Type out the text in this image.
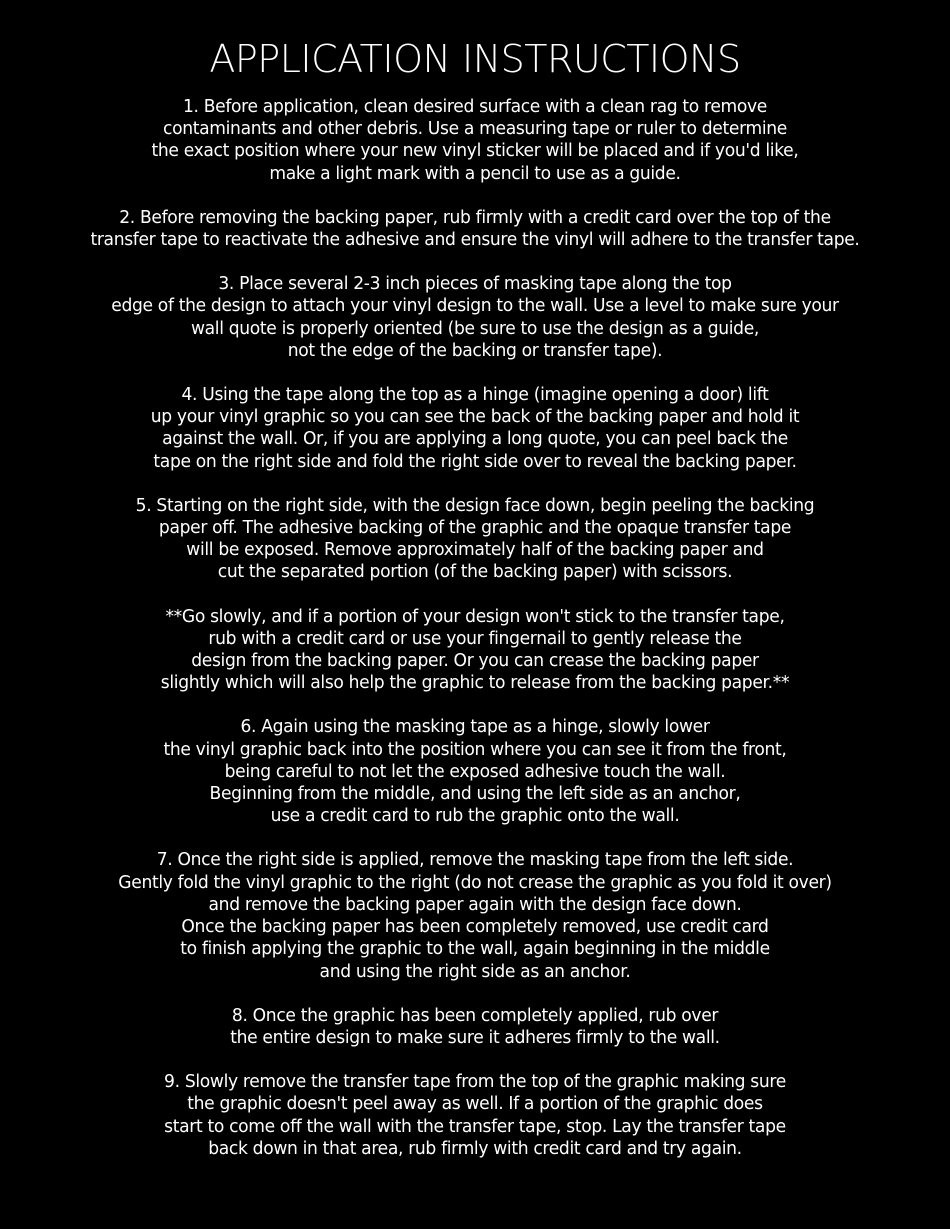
APPLICATION INSTRUCTIONS

1. Before application, clean desired surface with a clean rag to remove
contaminants and other debris. Use a measuring tape or ruler to determine
the exact position where your new vinyl sticker will be placed and if you'd like,
make a light mark with a pencil to use as a guide.

2. Before removing the backing paper, rub firmly with a credit card over the top of the
transfer tape to reactivate the adhesive and ensure the vinyl will adhere to the transfer tape.

3. Place several 2-3 inch pieces of masking tape along the top
edge of the design to attach your vinyl design to the wall. Use a level to make sure your
wall quote is properly oriented (be sure to use the design as a guide,
not the edge of the backing or transfer tape).

4. Using the tape along the top as a hinge (imagine opening a door) lift
up your vinyl graphic so you can see the back of the backing paper and hold it
against the wall. Or, if you are applying a long quote, you can peel back the
tape on the right side and fold the right side over to reveal the backing paper.

5. Starting on the right side, with the design face down, begin peeling the backing
paper off. The adhesive backing of the graphic and the opaque transfer tape
will be exposed. Remove approximately half of the backing paper and
cut the separated portion (of the backing paper) with scissors.

**Go slowly, and if a portion of your design won't stick to the transfer tape,
rub with a credit card or use your fingernail to gently release the
design from the backing paper. Or you can crease the backing paper
slightly which will also help the graphic to release from the backing paper.**

6. Again using the masking tape as a hinge, slowly lower
the vinyl graphic back into the position where you can see it from the front,
being careful to not let the exposed adhesive touch the wall.
Beginning from the middle, and using the left side as an anchor,
use a credit card to rub the graphic onto the wall.

7. Once the right side is applied, remove the masking tape from the left side.
Gently fold the vinyl graphic to the right (do not crease the graphic as you fold it over)
and remove the backing paper again with the design face down.
Once the backing paper has been completely removed, use credit card
to finish applying the graphic to the wall, again beginning in the middle
and using the right side as an anchor.

8. Once the graphic has been completely applied, rub over
the entire design to make sure it adheres firmly to the wall.

9. Slowly remove the transfer tape from the top of the graphic making sure
the graphic doesn't peel away as well. If a portion of the graphic does
start to come off the wall with the transfer tape, stop. Lay the transfer tape
back down in that area, rub firmly with credit card and try again.
